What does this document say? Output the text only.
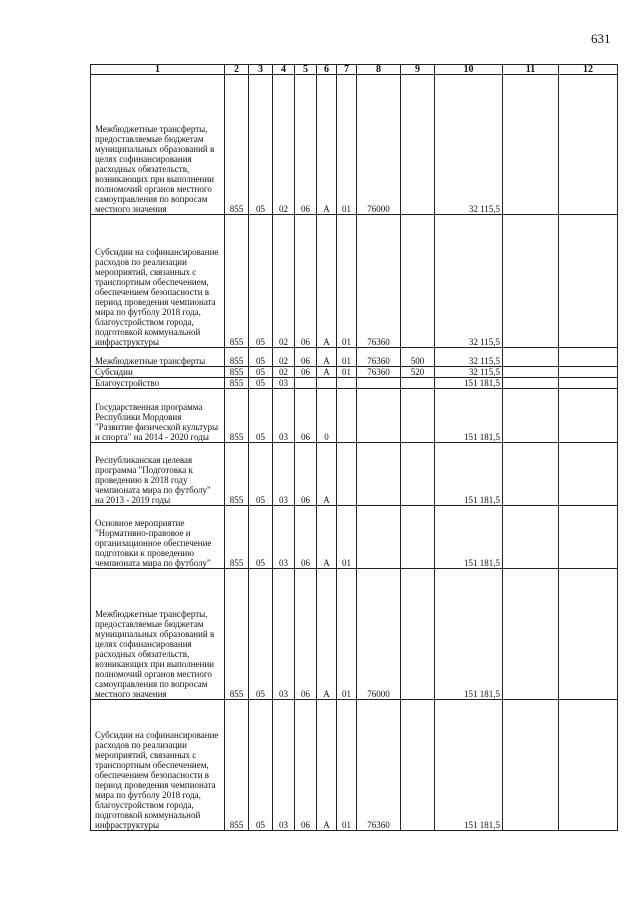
631
1	2	3	4	5	6	7	8	9	10	11	12
Межбюджетные трансферты, предоставляемые бюджетам муниципальных образований в целях софинансирования расходных обязательств, возникающих при выполнении полномочий органов местного самоуправления по вопросам местного значения	855	05	02	06	А	01	76000		32 115,5		
Субсидии на софинансирование расходов по реализации мероприятий, связанных с транспортным обеспечением, обеспечением безопасности в период проведения чемпионата мира по футболу 2018 года, благоустройством города, подготовкой коммунальной инфраструктуры	855	05	02	06	А	01	76360		32 115,5		
Межбюджетные трансферты	855	05	02	06	А	01	76360	500	32 115,5		
Субсидии	855	05	02	06	А	01	76360	520	32 115,5		
Благоустройство	855	05	03						151 181,5		
Государственная программа Республики Мордовия "Развитие физической культуры и спорта" на 2014 - 2020 годы	855	05	03	06	0				151 181,5		
Республиканская целевая программа "Подготовка к проведению в 2018 году чемпионата мира по футболу" на 2013 - 2019 годы	855	05	03	06	А				151 181,5		
Основное мероприятие "Нормативно-правовое и организационное обеспечение подготовки к проведению чемпионата мира по футболу"	855	05	03	06	А	01			151 181,5		
Межбюджетные трансферты, предоставляемые бюджетам муниципальных образований в целях софинансирования расходных обязательств, возникающих при выполнении полномочий органов местного самоуправления по вопросам местного значения	855	05	03	06	А	01	76000		151 181,5		
Субсидии на софинансирование расходов по реализации мероприятий, связанных с транспортным обеспечением, обеспечением безопасности в период проведения чемпионата мира по футболу 2018 года, благоустройством города, подготовкой коммунальной инфраструктуры	855	05	03	06	А	01	76360		151 181,5		
